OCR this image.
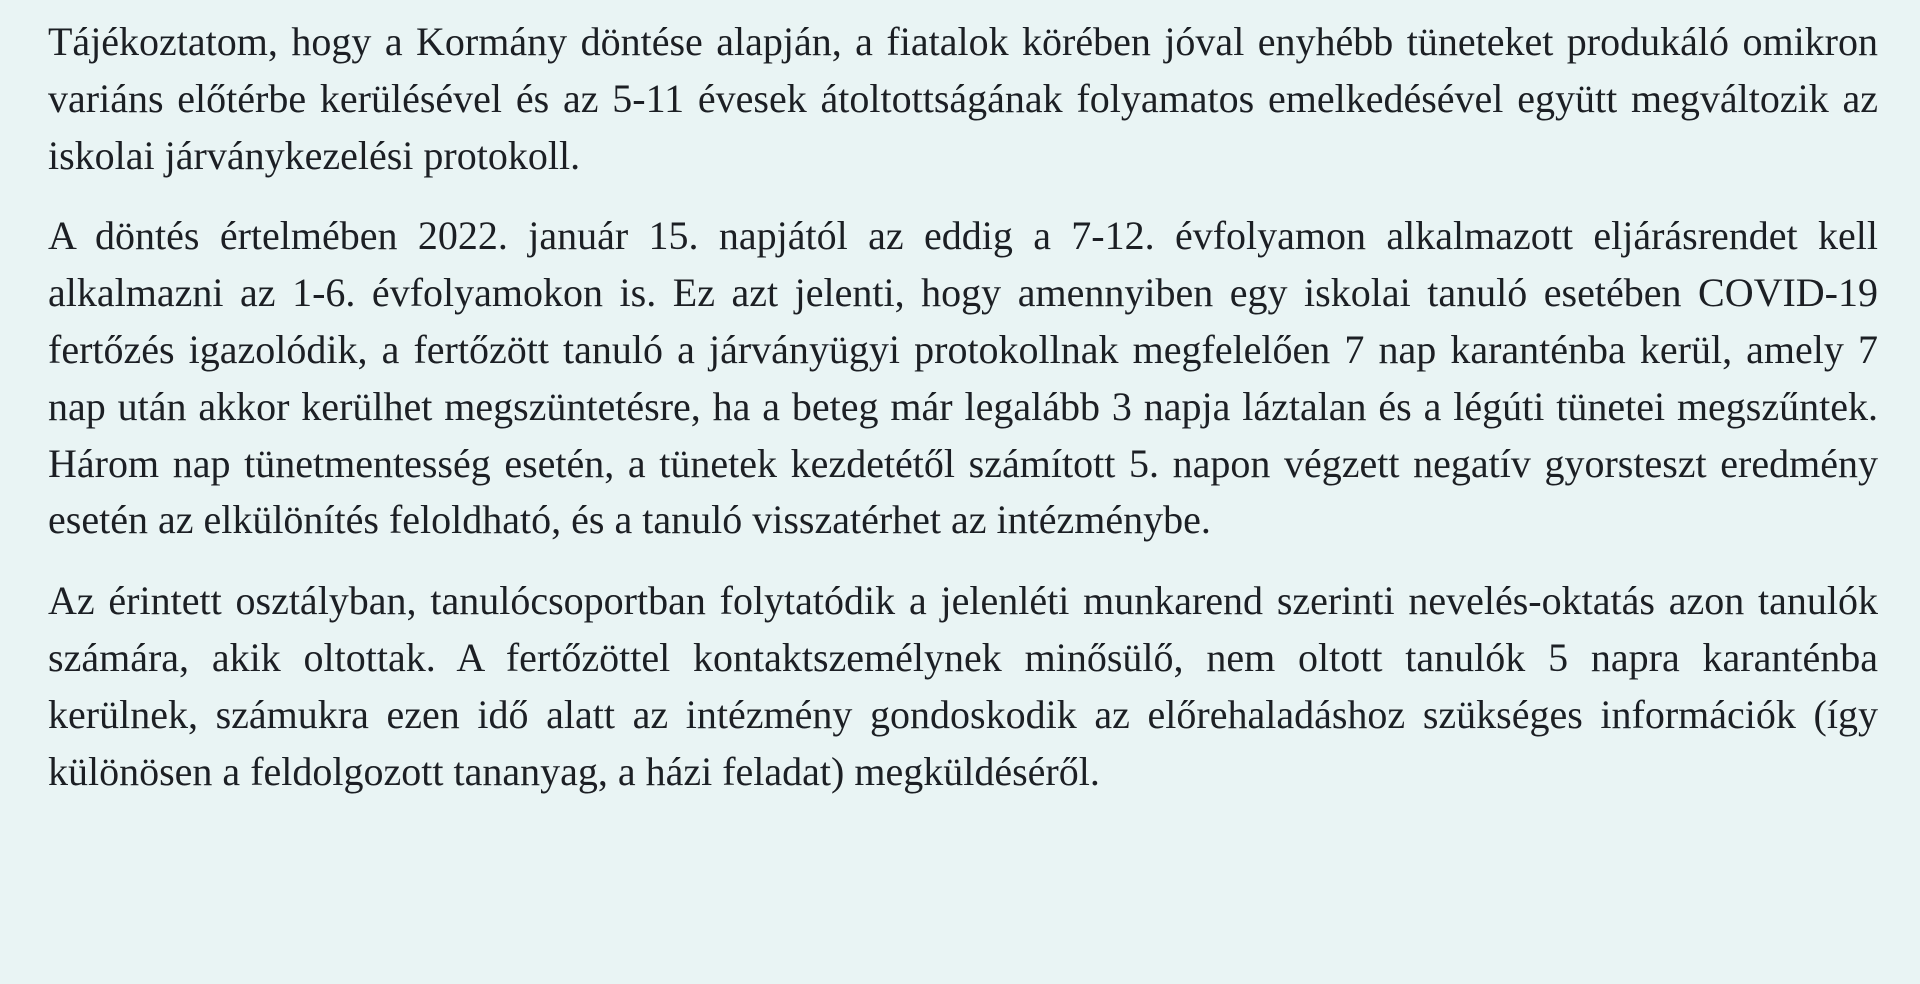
Tájékoztatom, hogy a Kormány döntése alapján, a fiatalok körében jóval enyhébb tüneteket produkáló omikron variáns előtérbe kerülésével és az 5-11 évesek átoltottságának folyamatos emelkedésével együtt megváltozik az iskolai járványkezelési protokoll.

A döntés értelmében 2022. január 15. napjától az eddig a 7-12. évfolyamon alkalmazott eljárásrendet kell alkalmazni az 1-6. évfolyamokon is. Ez azt jelenti, hogy amennyiben egy iskolai tanuló esetében COVID-19 fertőzés igazolódik, a fertőzött tanuló a járványügyi protokollnak megfelelően 7 nap karanténba kerül, amely 7 nap után akkor kerülhet megszüntetésre, ha a beteg már legalább 3 napja láztalan és a légúti tünetei megszűntek. Három nap tünetmentesség esetén, a tünetek kezdetétől számított 5. napon végzett negatív gyorsteszt eredmény esetén az elkülönítés feloldható, és a tanuló visszatérhet az intézménybe.

Az érintett osztályban, tanulócsoportban folytatódik a jelenléti munkarend szerinti nevelés-oktatás azon tanulók számára, akik oltottak. A fertőzöttel kontaktszemélynek minősülő, nem oltott tanulók 5 napra karanténba kerülnek, számukra ezen idő alatt az intézmény gondoskodik az előrehaladáshoz szükséges információk (így különösen a feldolgozott tananyag, a házi feladat) megküldéséről.
